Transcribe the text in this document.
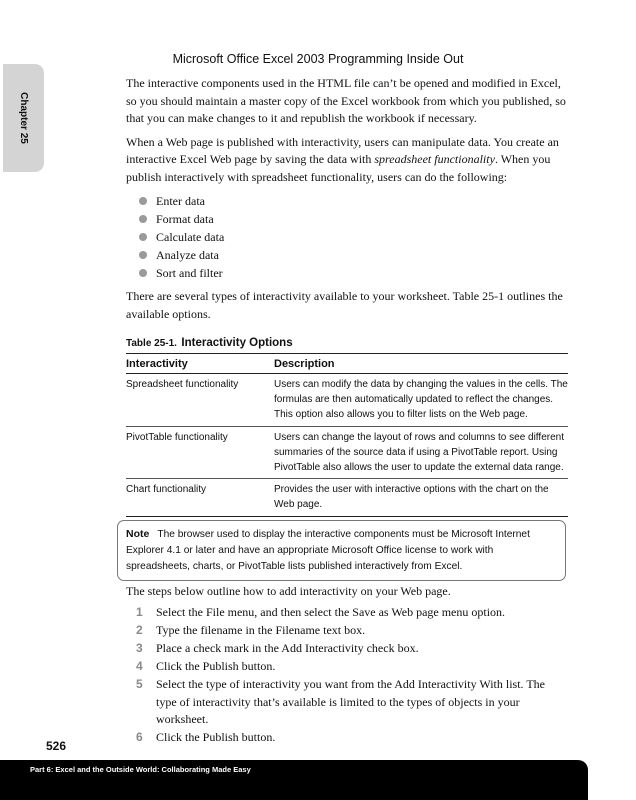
Microsoft Office Excel 2003 Programming Inside Out
Chapter 25

The interactive components used in the HTML file can’t be opened and modified in Excel, so you should maintain a master copy of the Excel workbook from which you published, so that you can make changes to it and republish the workbook if necessary.

When a Web page is published with interactivity, users can manipulate data. You create an interactive Excel Web page by saving the data with spreadsheet functionality. When you publish interactively with spreadsheet functionality, users can do the following:

Enter data
Format data
Calculate data
Analyze data
Sort and filter

There are several types of interactivity available to your worksheet. Table 25-1 outlines the available options.

Table 25-1. Interactivity Options
Interactivity	Description
Spreadsheet functionality	Users can modify the data by changing the values in the cells. The formulas are then automatically updated to reflect the changes. This option also allows you to filter lists on the Web page.
PivotTable functionality	Users can change the layout of rows and columns to see different summaries of the source data if using a PivotTable report. Using PivotTable also allows the user to update the external data range.
Chart functionality	Provides the user with interactive options with the chart on the Web page.
Note The browser used to display the interactive components must be Microsoft Internet Explorer 4.1 or later and have an appropriate Microsoft Office license to work with spreadsheets, charts, or PivotTable lists published interactively from Excel.
The steps below outline how to add interactivity on your Web page.
1 Select the File menu, and then select the Save as Web page menu option.
2 Type the filename in the Filename text box.
3 Place a check mark in the Add Interactivity check box.
4 Click the Publish button.
5 Select the type of interactivity you want from the Add Interactivity With list. The type of interactivity that’s available is limited to the types of objects in your worksheet.
6 Click the Publish button.
526
Part 6: Excel and the Outside World: Collaborating Made Easy
